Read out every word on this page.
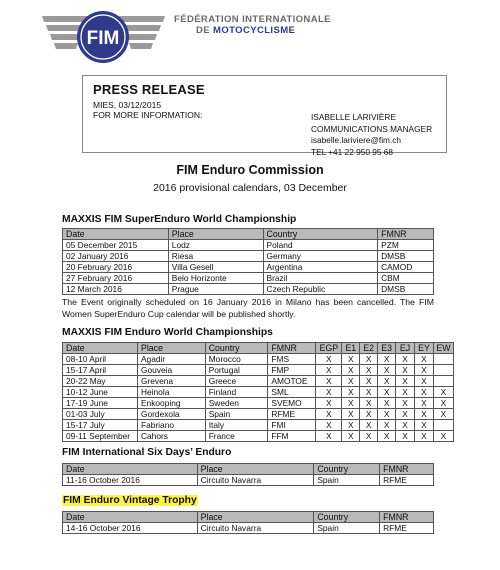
FIM
FÉDÉRATION INTERNATIONALE
DE MOTOCYCLISME
PRESS RELEASE
MIES, 03/12/2015
FOR MORE INFORMATION:	ISABELLE LARIVIÈRE
COMMUNICATIONS MANAGER
isabelle.lariviere@fim.ch
TEL +41 22 950 95 68
FIM Enduro Commission
2016 provisional calendars, 03 December
MAXXIS FIM SuperEnduro World Championship
Date	Place	Country	FMNR
05 December 2015	Lodz	Poland	PZM
02 January 2016	Riesa	Germany	DMSB
20 February 2016	Villa Gesell	Argentina	CAMOD
27 February 2016	Belo Horizonte	Brazil	CBM
12 March 2016	Prague	Czech Republic	DMSB
The Event originally scheduled on 16 January 2016 in Milano has been cancelled. The FIM Women SuperEnduro Cup calendar will be published shortly.
MAXXIS FIM Enduro World Championships
Date	Place	Country	FMNR	EGP	E1	E2	E3	EJ	EY	EW
08-10 April	Agadir	Morocco	FMS	X	X	X	X	X	X	
15-17 April	Gouveia	Portugal	FMP	X	X	X	X	X	X	
20-22 May	Grevena	Greece	AMOTOE	X	X	X	X	X	X	
10-12 June	Heinola	Finland	SML	X	X	X	X	X	X	X
17-19 June	Enkooping	Sweden	SVEMO	X	X	X	X	X	X	X
01-03 July	Gordexola	Spain	RFME	X	X	X	X	X	X	X
15-17 July	Fabriano	Italy	FMI	X	X	X	X	X	X	
09-11 September	Cahors	France	FFM	X	X	X	X	X	X	X
FIM International Six Days’ Enduro
Date	Place	Country	FMNR
11-16 October 2016	Circuito Navarra	Spain	RFME
FIM Enduro Vintage Trophy
Date	Place	Country	FMNR
14-16 October 2016	Circuito Navarra	Spain	RFME
